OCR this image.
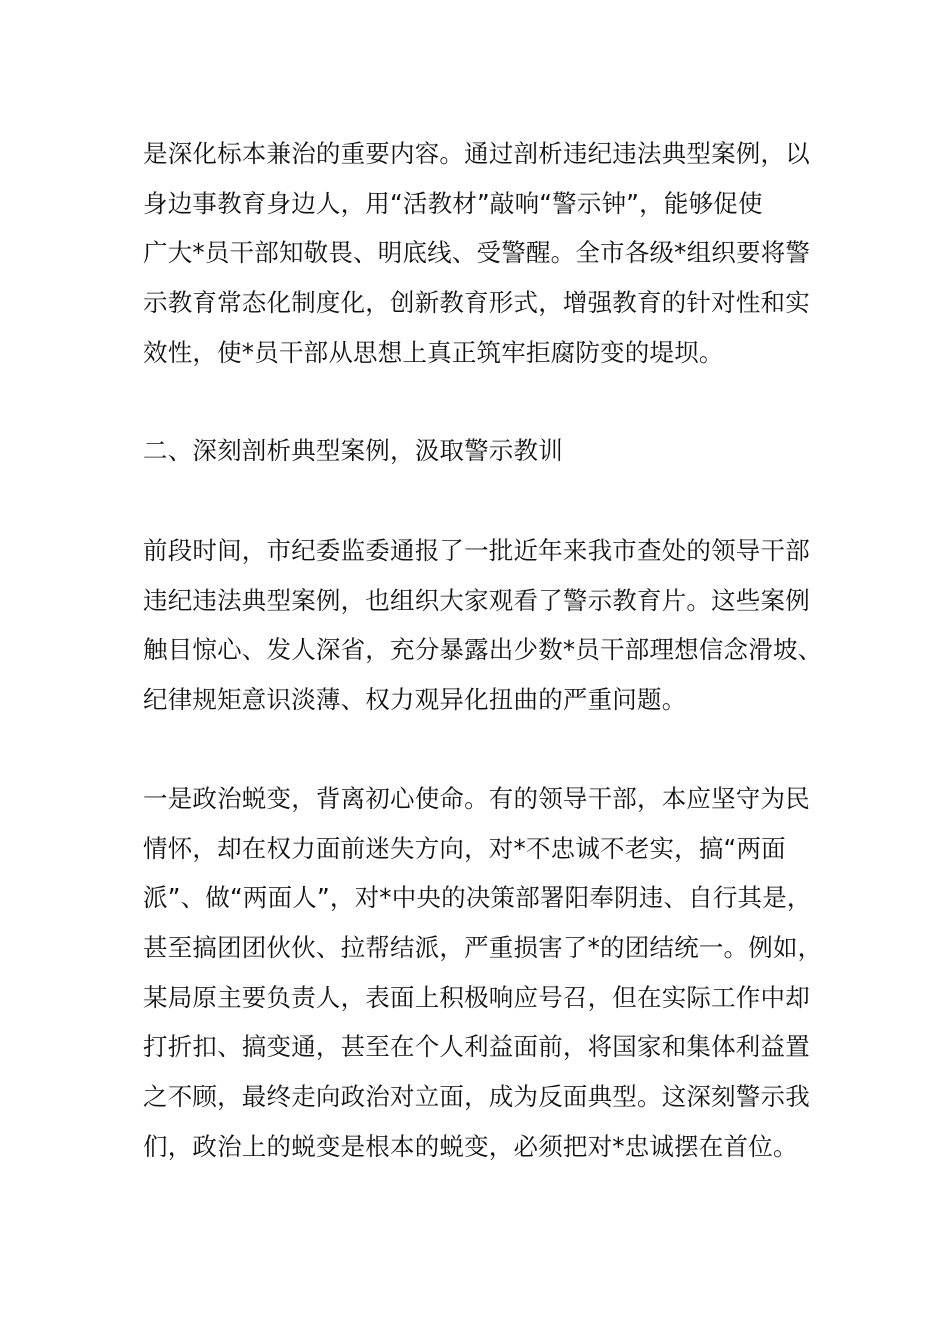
是深化标本兼治的重要内容。通过剖析违纪违法典型案例，以
身边事教育身边人，用“活教材”敲响“警示钟”，能够促使
广大*员干部知敬畏、明底线、受警醒。全市各级*组织要将警
示教育常态化制度化，创新教育形式，增强教育的针对性和实
效性，使*员干部从思想上真正筑牢拒腐防变的堤坝。
二、深刻剖析典型案例，汲取警示教训
前段时间，市纪委监委通报了一批近年来我市查处的领导干部
违纪违法典型案例，也组织大家观看了警示教育片。这些案例
触目惊心、发人深省，充分暴露出少数*员干部理想信念滑坡、
纪律规矩意识淡薄、权力观异化扭曲的严重问题。
一是政治蜕变，背离初心使命。有的领导干部，本应坚守为民
情怀，却在权力面前迷失方向，对*不忠诚不老实，搞“两面
派”、做“两面人”，对*中央的决策部署阳奉阴违、自行其是，
甚至搞团团伙伙、拉帮结派，严重损害了*的团结统一。例如，
某局原主要负责人，表面上积极响应号召，但在实际工作中却
打折扣、搞变通，甚至在个人利益面前，将国家和集体利益置
之不顾，最终走向政治对立面，成为反面典型。这深刻警示我
们，政治上的蜕变是根本的蜕变，必须把对*忠诚摆在首位。
